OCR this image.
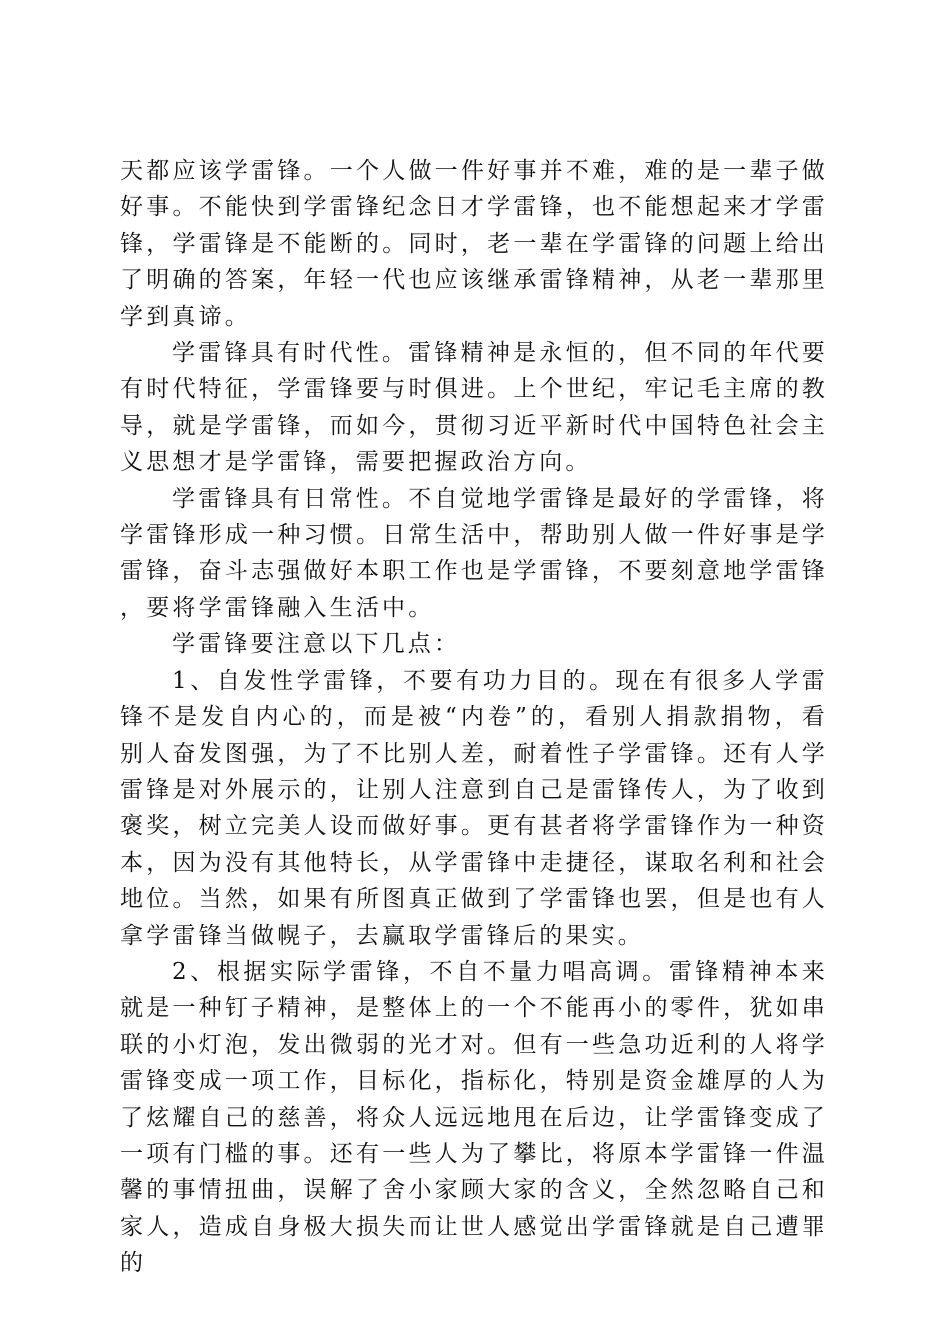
天都应该学雷锋。一个人做一件好事并不难，难的是一辈子做好事。不能快到学雷锋纪念日才学雷锋，也不能想起来才学雷锋，学雷锋是不能断的。同时，老一辈在学雷锋的问题上给出了明确的答案，年轻一代也应该继承雷锋精神，从老一辈那里学到真谛。

学雷锋具有时代性。雷锋精神是永恒的，但不同的年代要有时代特征，学雷锋要与时俱进。上个世纪，牢记毛主席的教导，就是学雷锋，而如今，贯彻习近平新时代中国特色社会主义思想才是学雷锋，需要把握政治方向。

学雷锋具有日常性。不自觉地学雷锋是最好的学雷锋，将学雷锋形成一种习惯。日常生活中，帮助别人做一件好事是学雷锋，奋斗志强做好本职工作也是学雷锋，不要刻意地学雷锋，要将学雷锋融入生活中。

学雷锋要注意以下几点：

1、自发性学雷锋，不要有功力目的。现在有很多人学雷锋不是发自内心的，而是被“内卷”的，看别人捐款捐物，看别人奋发图强，为了不比别人差，耐着性子学雷锋。还有人学雷锋是对外展示的，让别人注意到自己是雷锋传人，为了收到褒奖，树立完美人设而做好事。更有甚者将学雷锋作为一种资本，因为没有其他特长，从学雷锋中走捷径，谋取名利和社会地位。当然，如果有所图真正做到了学雷锋也罢，但是也有人拿学雷锋当做幌子，去赢取学雷锋后的果实。

2、根据实际学雷锋，不自不量力唱高调。雷锋精神本来就是一种钉子精神，是整体上的一个不能再小的零件，犹如串联的小灯泡，发出微弱的光才对。但有一些急功近利的人将学雷锋变成一项工作，目标化，指标化，特别是资金雄厚的人为了炫耀自己的慈善，将众人远远地甩在后边，让学雷锋变成了一项有门槛的事。还有一些人为了攀比，将原本学雷锋一件温馨的事情扭曲，误解了舍小家顾大家的含义，全然忽略自己和家人，造成自身极大损失而让世人感觉出学雷锋就是自己遭罪的
